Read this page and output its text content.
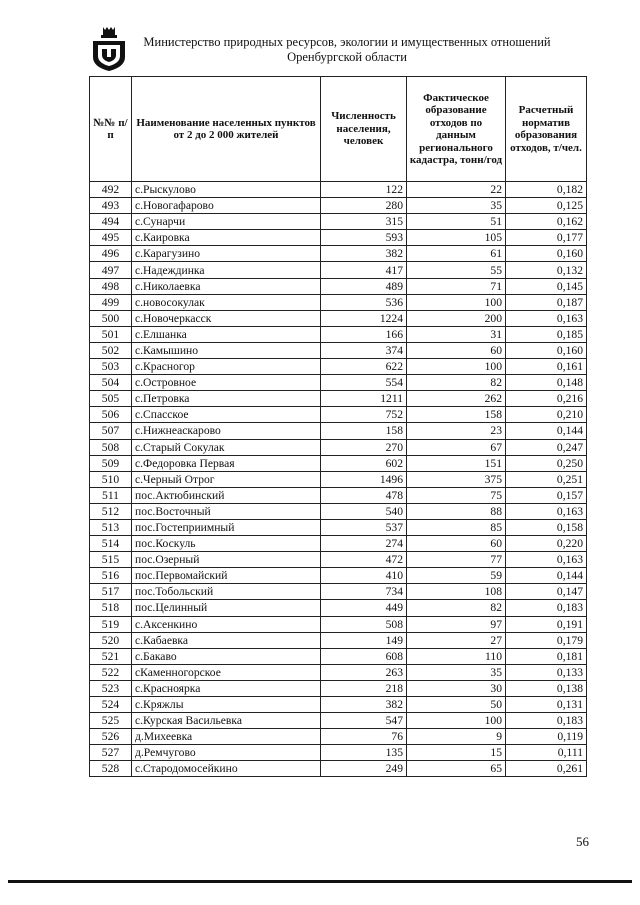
Министерство природных ресурсов, экологии и имущественных отношений
Оренбургской области
№№ п/п	Наименование населенных пунктов от 2 до 2 000 жителей	Численность населения, человек	Фактическое образование отходов по данным регионального кадастра, тонн/год	Расчетный норматив образования отходов, т/чел.
492	с.Рыскулово	122	22	0,182
493	с.Новогафарово	280	35	0,125
494	с.Сунарчи	315	51	0,162
495	с.Каировка	593	105	0,177
496	с.Карагузино	382	61	0,160
497	с.Надеждинка	417	55	0,132
498	с.Николаевка	489	71	0,145
499	с.новосокулак	536	100	0,187
500	с.Новочеркасск	1224	200	0,163
501	с.Елшанка	166	31	0,185
502	с.Камышино	374	60	0,160
503	с.Красногор	622	100	0,161
504	с.Островное	554	82	0,148
505	с.Петровка	1211	262	0,216
506	с.Спасское	752	158	0,210
507	с.Нижнеаскарово	158	23	0,144
508	с.Старый Сокулак	270	67	0,247
509	с.Федоровка Первая	602	151	0,250
510	с.Черный Отрог	1496	375	0,251
511	пос.Актюбинский	478	75	0,157
512	пос.Восточный	540	88	0,163
513	пос.Гостеприимный	537	85	0,158
514	пос.Коскуль	274	60	0,220
515	пос.Озерный	472	77	0,163
516	пос.Первомайский	410	59	0,144
517	пос.Тобольский	734	108	0,147
518	пос.Целинный	449	82	0,183
519	с.Аксенкино	508	97	0,191
520	с.Кабаевка	149	27	0,179
521	с.Бакаво	608	110	0,181
522	сКаменногорское	263	35	0,133
523	с.Красноярка	218	30	0,138
524	с.Кряжлы	382	50	0,131
525	с.Курская Васильевка	547	100	0,183
526	д.Михеевка	76	9	0,119
527	д.Ремчугово	135	15	0,111
528	с.Стародомосейкино	249	65	0,261
56
